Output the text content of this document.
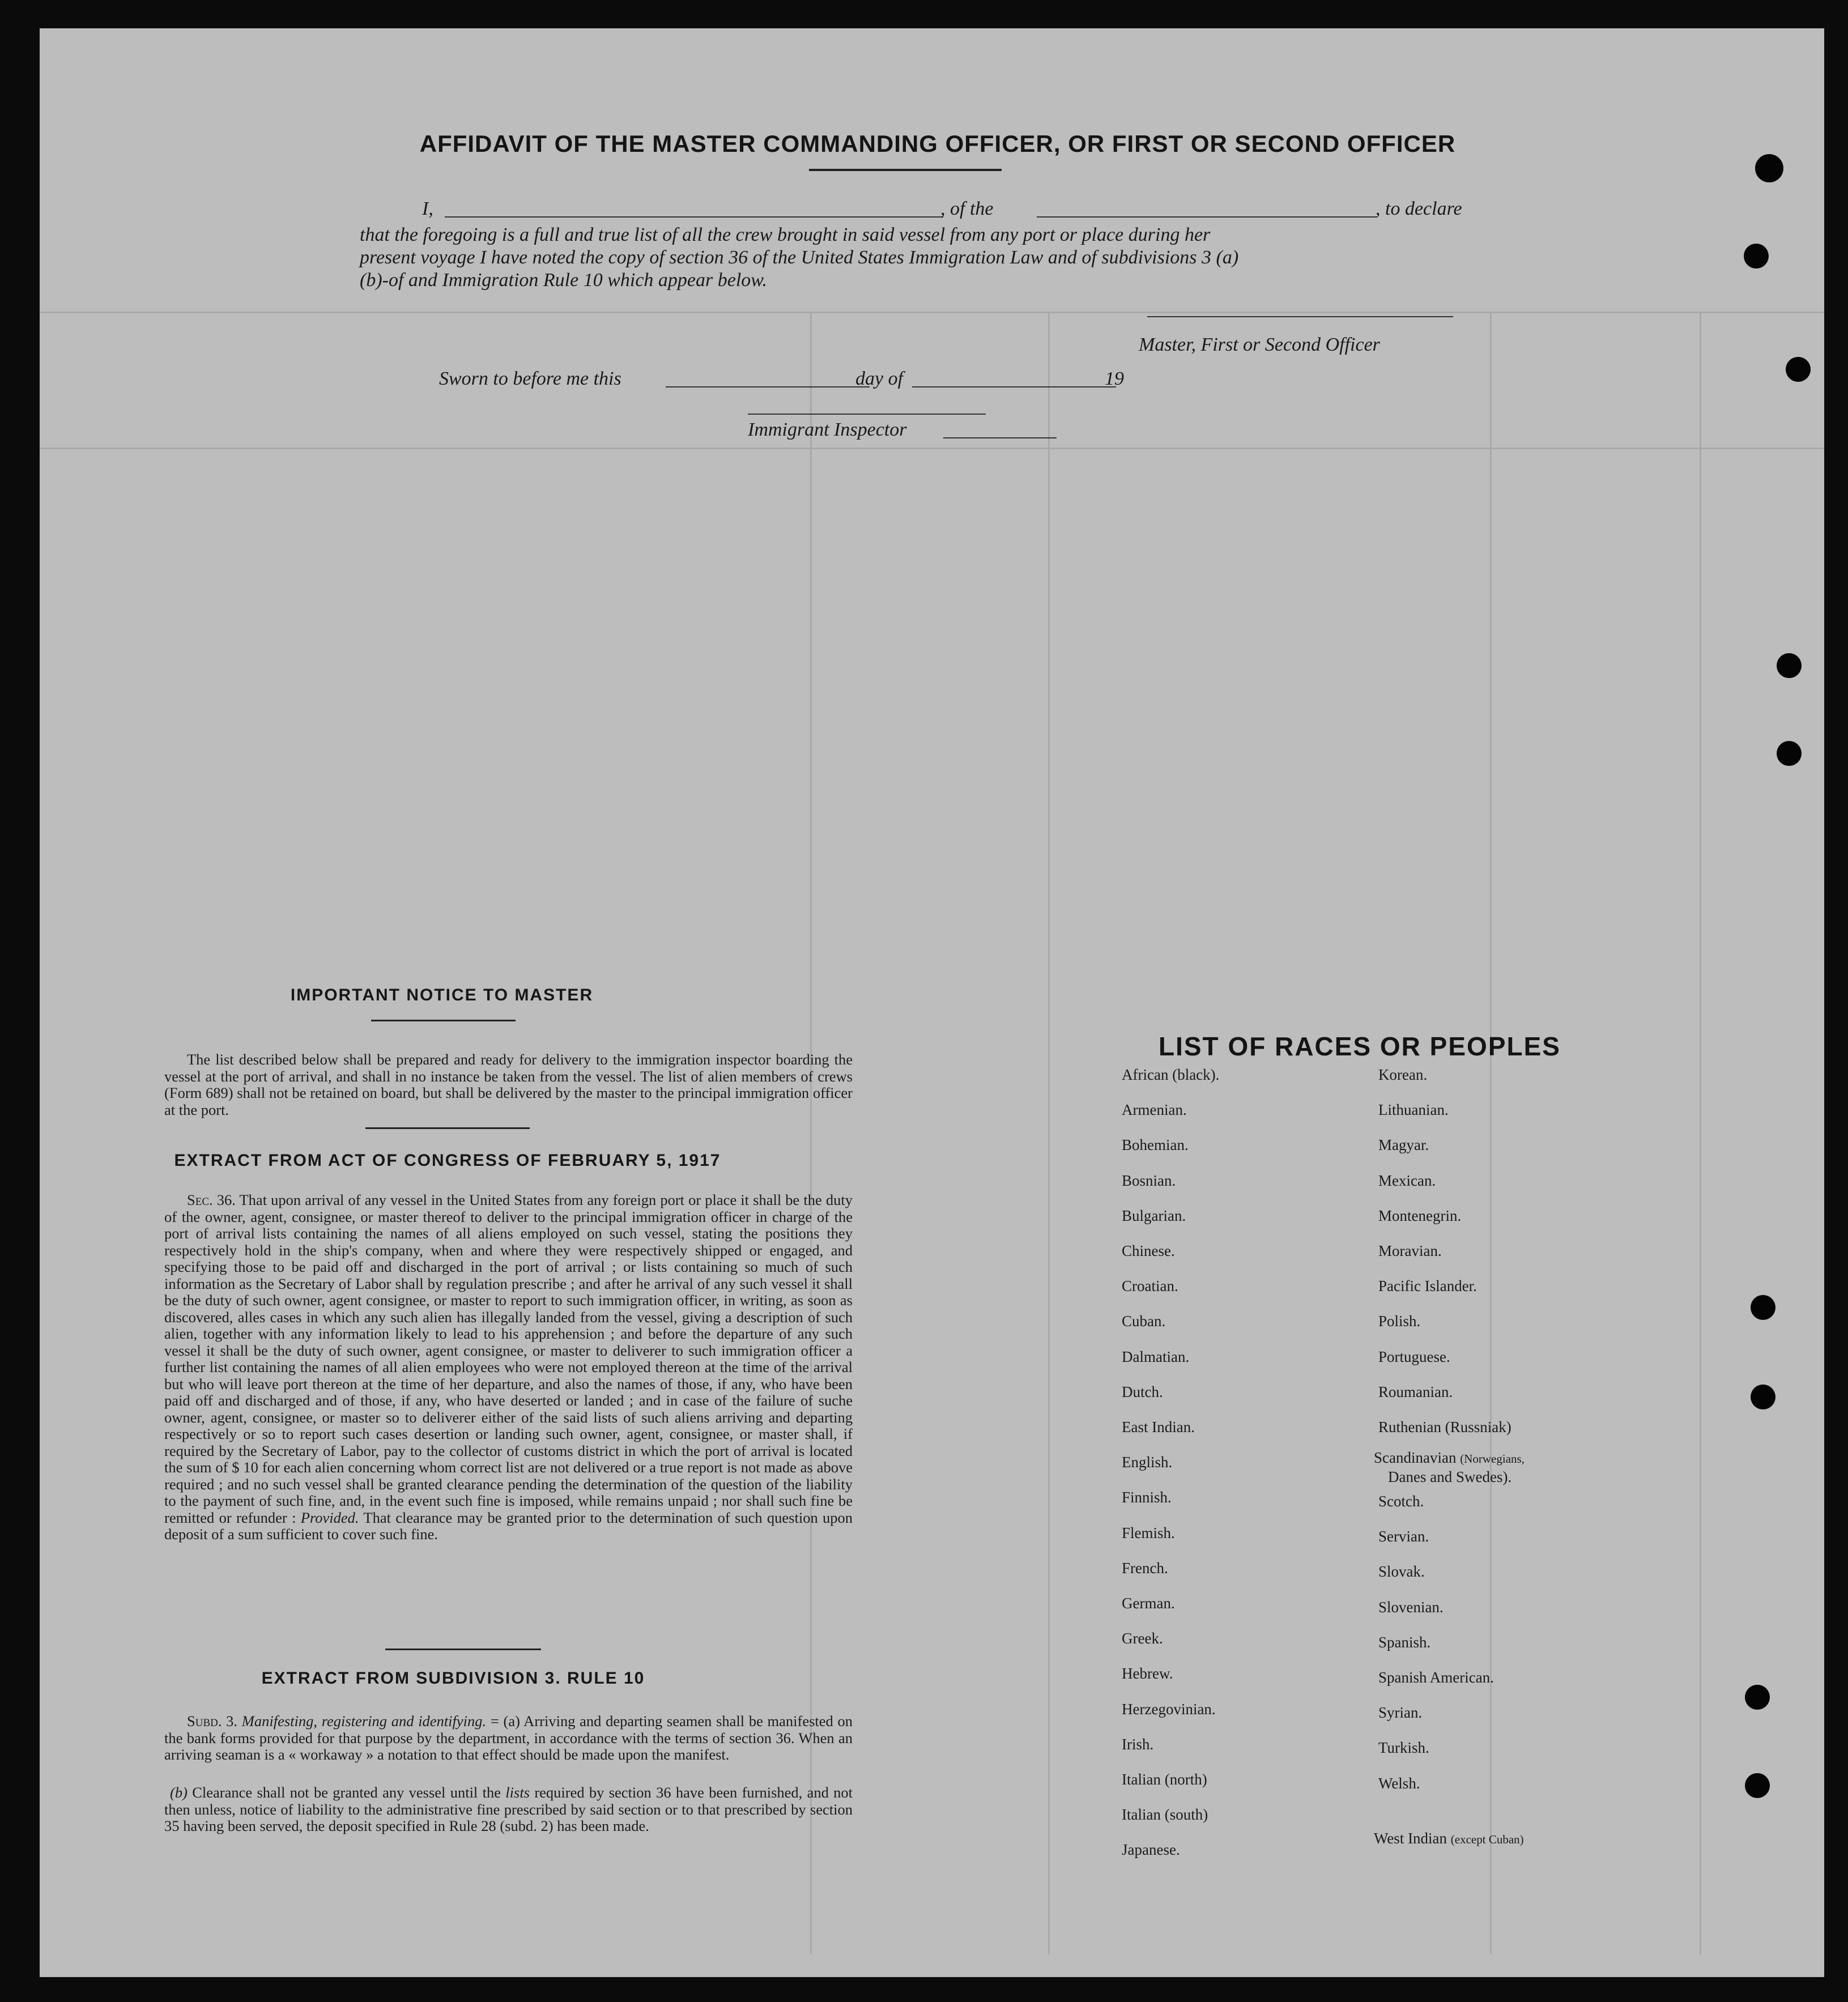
AFFIDAVIT OF THE MASTER COMMANDING OFFICER, OR FIRST OR SECOND OFFICER
I,	, of the	, to declare
that the foregoing is a full and true list of all the crew brought in said vessel from any port or place during her
present voyage I have noted the copy of section 36 of the United States Immigration Law and of subdivisions 3 (a)
(b)-of and Immigration Rule 10 which appear below.
Master, First or Second Officer
Sworn to before me this	day of	19
Immigrant Inspector
IMPORTANT NOTICE TO MASTER
The list described below shall be prepared and ready for delivery to the immigration inspector boarding the vessel at the port of arrival, and shall in no instance be taken from the vessel. The list of alien members of crews (Form 689) shall not be retained on board, but shall be delivered by the master to the principal immigration officer at the port.
EXTRACT FROM ACT OF CONGRESS OF FEBRUARY 5, 1917
Sec. 36. That upon arrival of any vessel in the United States from any foreign port or place it shall be the duty of the owner, agent, consignee, or master thereof to deliver to the principal immigration officer in charge of the port of arrival lists containing the names of all aliens employed on such vessel, stating the positions they respectively hold in the ship's company, when and where they were respectively shipped or engaged, and specifying those to be paid off and discharged in the port of arrival ; or lists containing so much of such information as the Secretary of Labor shall by regulation prescribe ; and after he arrival of any such vessel it shall be the duty of such owner, agent consignee, or master to report to such immigration officer, in writing, as soon as discovered, alles cases in which any such alien has illegally landed from the vessel, giving a description of such alien, together with any information likely to lead to his apprehension ; and before the departure of any such vessel it shall be the duty of such owner, agent consignee, or master to deliverer to such immigration officer a further list containing the names of all alien employees who were not employed thereon at the time of the arrival but who will leave port thereon at the time of her departure, and also the names of those, if any, who have been paid off and discharged and of those, if any, who have deserted or landed ; and in case of the failure of suche owner, agent, consignee, or master so to deliverer either of the said lists of such aliens arriving and departing respectively or so to report such cases desertion or landing such owner, agent, consignee, or master shall, if required by the Secretary of Labor, pay to the collector of customs district in which the port of arrival is located the sum of $ 10 for each alien concerning whom correct list are not delivered or a true report is not made as above required ; and no such vessel shall be granted clearance pending the determination of the question of the liability to the payment of such fine, and, in the event such fine is imposed, while remains unpaid ; nor shall such fine be remitted or refunder : Provided. That clearance may be granted prior to the determination of such question upon deposit of a sum sufficient to cover such fine.
EXTRACT FROM SUBDIVISION 3. RULE 10
Subd. 3. Manifesting, registering and identifying. = (a) Arriving and departing seamen shall be manifested on the bank forms provided for that purpose by the department, in accordance with the terms of section 36. When an arriving seaman is a « workaway » a notation to that effect should be made upon the manifest.
(b) Clearance shall not be granted any vessel until the lists required by section 36 have been furnished, and not then unless, notice of liability to the administrative fine prescribed by said section or to that prescribed by section 35 having been served, the deposit specified in Rule 28 (subd. 2) has been made.
LIST OF RACES OR PEOPLES
African (black).
Armenian.
Bohemian.
Bosnian.
Bulgarian.
Chinese.
Croatian.
Cuban.
Dalmatian.
Dutch.
East Indian.
English.
Finnish.
Flemish.
French.
German.
Greek.
Hebrew.
Herzegovinian.
Irish.
Italian (north)
Italian (south)
Japanese.
Korean.
Lithuanian.
Magyar.
Mexican.
Montenegrin.
Moravian.
Pacific Islander.
Polish.
Portuguese.
Roumanian.
Ruthenian (Russniak)
Scandinavian (Norwegians,
Danes and Swedes).
Scotch.
Servian.
Slovak.
Slovenian.
Spanish.
Spanish American.
Syrian.
Turkish.
Welsh.
West Indian (except Cuban)
